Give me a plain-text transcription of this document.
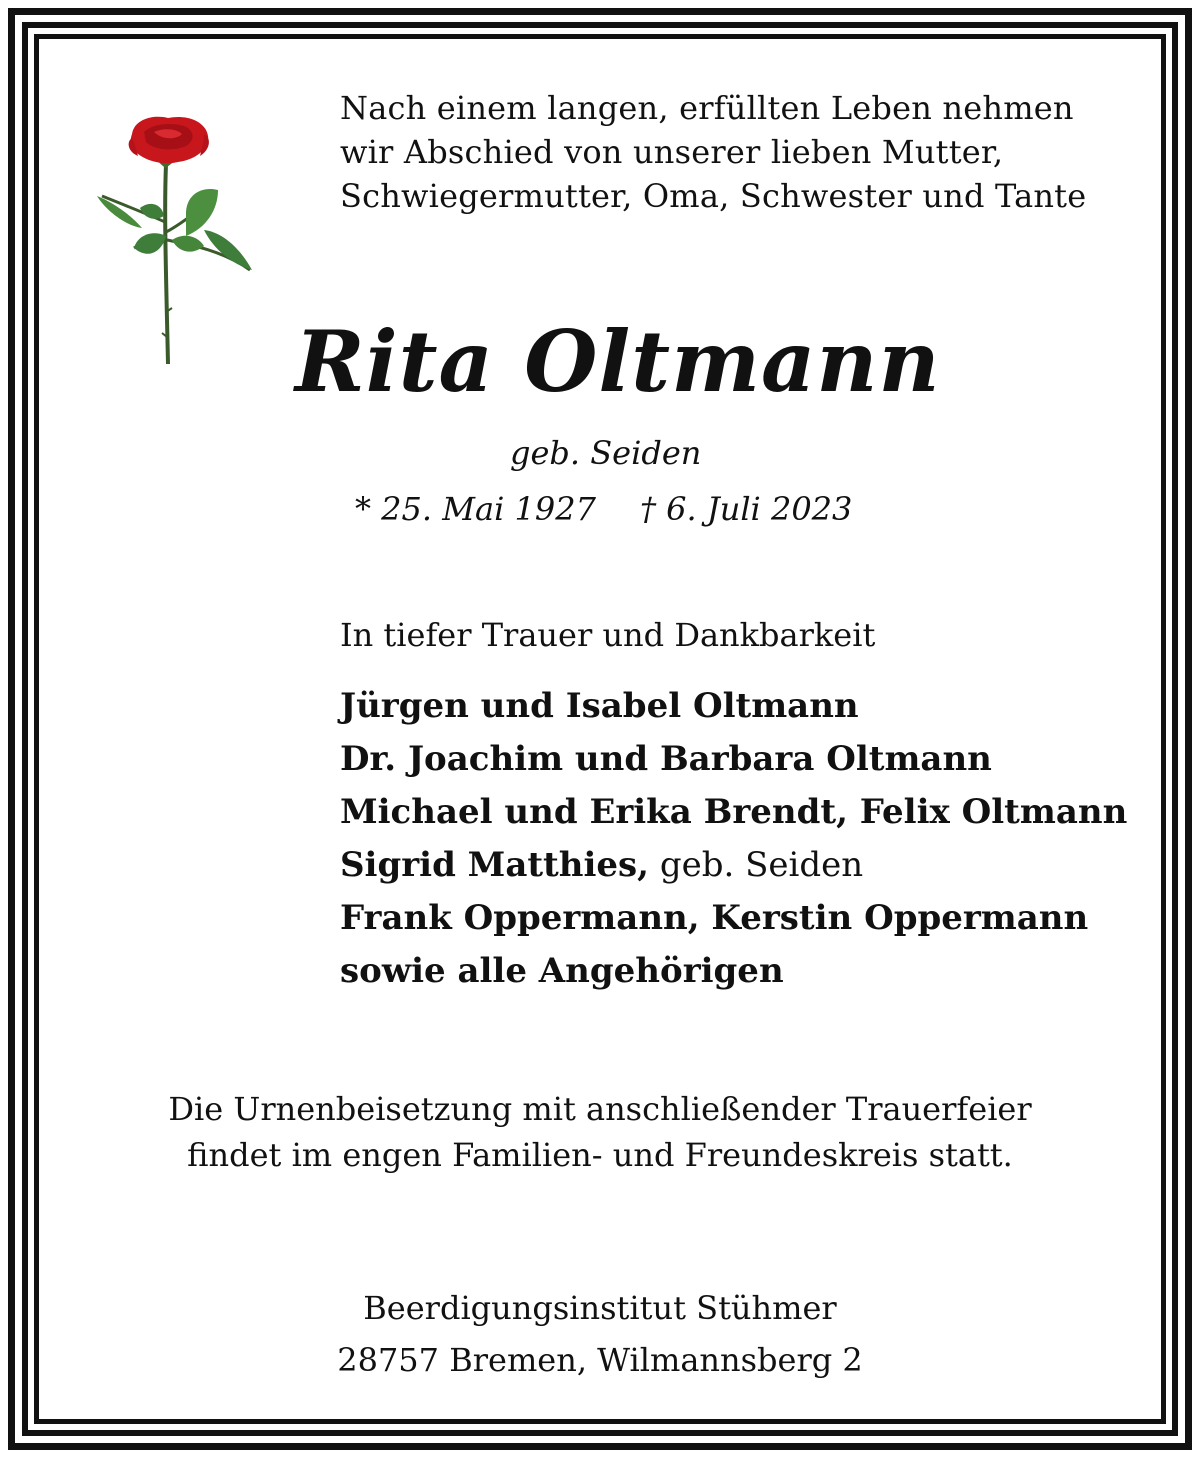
Nach einem langen, erfüllten Leben nehmen
wir Abschied von unserer lieben Mutter,
Schwiegermutter, Oma, Schwester und Tante
Rita Oltmann
geb. Seiden
* 25. Mai 1927 † 6. Juli 2023
In tiefer Trauer und Dankbarkeit
Jürgen und Isabel Oltmann
Dr. Joachim und Barbara Oltmann
Michael und Erika Brendt, Felix Oltmann
Sigrid Matthies, geb. Seiden
Frank Oppermann, Kerstin Oppermann
sowie alle Angehörigen
Die Urnenbeisetzung mit anschließender Trauerfeier
findet im engen Familien- und Freundeskreis statt.
Beerdigungsinstitut Stühmer
28757 Bremen, Wilmannsberg 2
